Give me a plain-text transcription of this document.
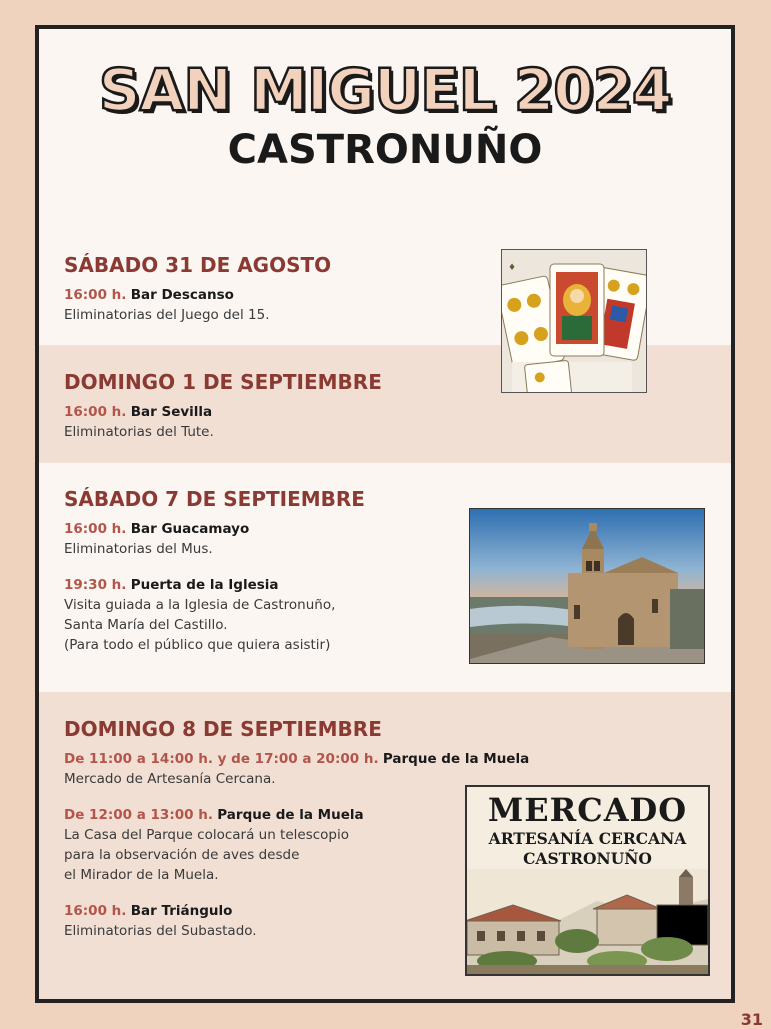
SAN MIGUEL 2024
CASTRONUÑO
SÁBADO 31 DE AGOSTO
16:00 h. Bar Descanso
Eliminatorias del Juego del 15.
DOMINGO 1 DE SEPTIEMBRE
16:00 h. Bar Sevilla
Eliminatorias del Tute.
SÁBADO 7 DE SEPTIEMBRE
16:00 h. Bar Guacamayo
Eliminatorias del Mus.
19:30 h. Puerta de la Iglesia
Visita guiada a la Iglesia de Castronuño,
Santa María del Castillo.
(Para todo el público que quiera asistir)
DOMINGO 8 DE SEPTIEMBRE
De 11:00 a 14:00 h. y de 17:00 a 20:00 h. Parque de la Muela
Mercado de Artesanía Cercana.
De 12:00 a 13:00 h. Parque de la Muela
La Casa del Parque colocará un telescopio
para la observación de aves desde
el Mirador de la Muela.
16:00 h. Bar Triángulo
Eliminatorias del Subastado.
♦
MERCADO
ARTESANÍA CERCANA
CASTRONUÑO
31
